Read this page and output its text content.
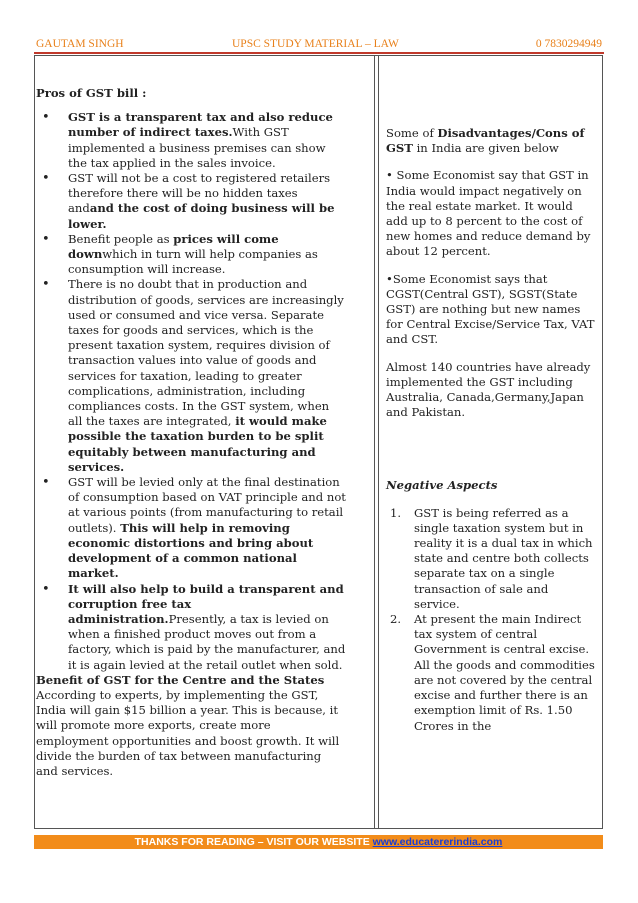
GAUTAM SINGH	UPSC STUDY MATERIAL – LAW	0 7830294949
Pros of GST bill :
• GST is a transparent tax and also reduce number of indirect taxes.With GST implemented a business premises can show the tax applied in the sales invoice.
• GST will not be a cost to registered retailers therefore there will be no hidden taxes andand the cost of doing business will be lower.
• Benefit people as prices will come downwhich in turn will help companies as consumption will increase.
• There is no doubt that in production and distribution of goods, services are increasingly used or consumed and vice versa. Separate taxes for goods and services, which is the present taxation system, requires division of transaction values into value of goods and services for taxation, leading to greater complications, administration, including compliances costs. In the GST system, when all the taxes are integrated, it would make possible the taxation burden to be split equitably between manufacturing and services.
• GST will be levied only at the final destination of consumption based on VAT principle and not at various points (from manufacturing to retail outlets). This will help in removing economic distortions and bring about development of a common national market.
• It will also help to build a transparent and corruption free tax administration.Presently, a tax is levied on when a finished product moves out from a factory, which is paid by the manufacturer, and it is again levied at the retail outlet when sold.

Benefit of GST for the Centre and the States

According to experts, by implementing the GST, India will gain $15 billion a year. This is because, it will promote more exports, create more employment opportunities and boost growth. It will divide the burden of tax between manufacturing and services.

Some of Disadvantages/Cons of GST in India are given below

• Some Economist say that GST in India would impact negatively on the real estate market. It would add up to 8 percent to the cost of new homes and reduce demand by about 12 percent.

•Some Economist says that CGST(Central GST), SGST(State GST) are nothing but new names for Central Excise/Service Tax, VAT and CST.

Almost 140 countries have already implemented the GST including Australia, Canada,Germany,Japan and Pakistan.

Negative Aspects

1. GST is being referred as a single taxation system but in reality it is a dual tax in which state and centre both collects separate tax on a single transaction of sale and service.
2. At present the main Indirect tax system of central Government is central excise. All the goods and commodities are not covered by the central excise and further there is an exemption limit of Rs. 1.50 Crores in the
THANKS FOR READING – VISIT OUR WEBSITE www.educatererindia.com
